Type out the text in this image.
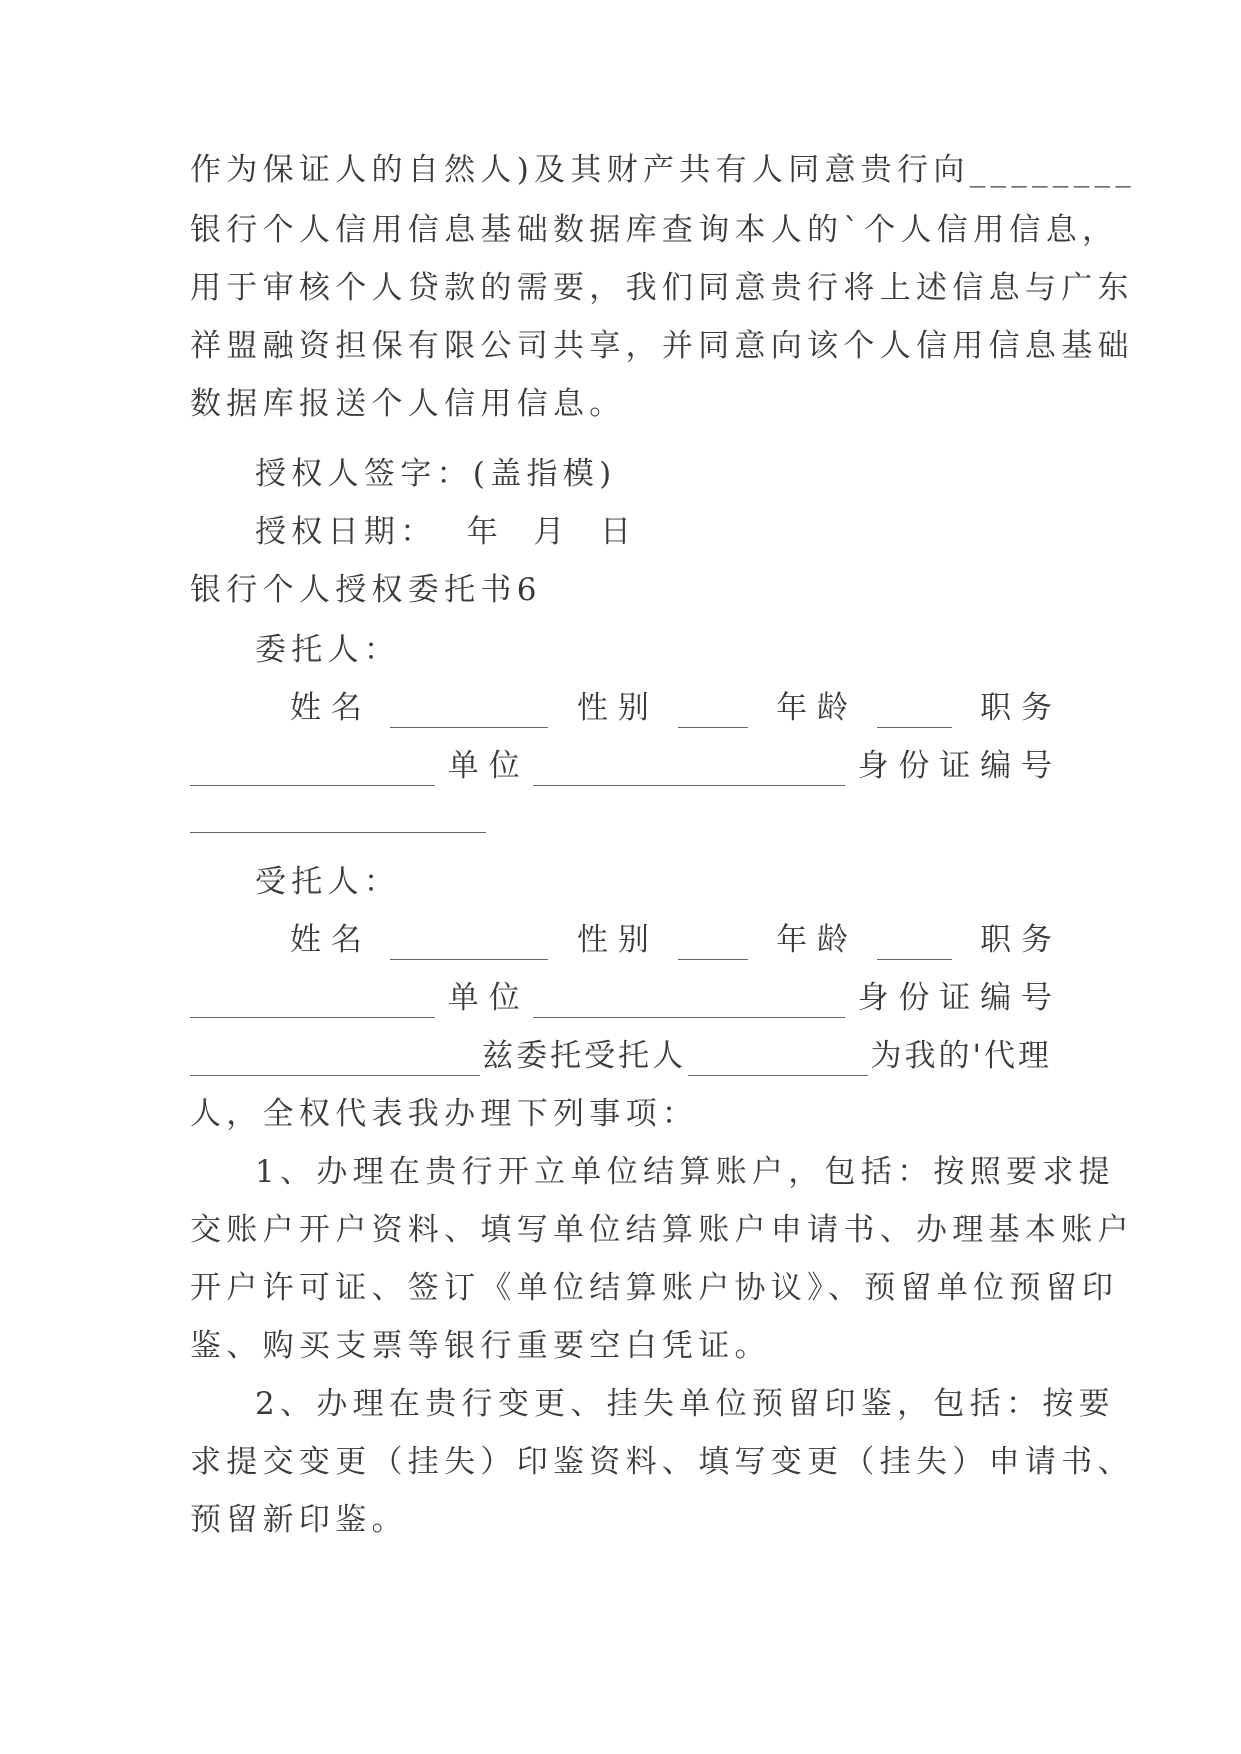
作为保证人的自然人)及其财产共有人同意贵行向________
银行个人信用信息基础数据库查询本人的`个人信用信息，
用于审核个人贷款的需要，我们同意贵行将上述信息与广东
祥盟融资担保有限公司共享，并同意向该个人信用信息基础
数据库报送个人信用信息。
授权人签字：(盖指模)
授权日期：  年  月  日
银行个人授权委托书6
委托人：
姓 名	性 别	年 龄	职 务
单 位	身 份 证 编 号
受托人：
姓 名	性 别	年 龄	职 务
单 位	身 份 证 编 号
兹委托受托人	为我的'代理
人，全权代表我办理下列事项：
1、办理在贵行开立单位结算账户，包括：按照要求提
交账户开户资料、填写单位结算账户申请书、办理基本账户
开户许可证、签订《单位结算账户协议》、预留单位预留印
鉴、购买支票等银行重要空白凭证。
2、办理在贵行变更、挂失单位预留印鉴，包括：按要
求提交变更（挂失）印鉴资料、填写变更（挂失）申请书、
预留新印鉴。
